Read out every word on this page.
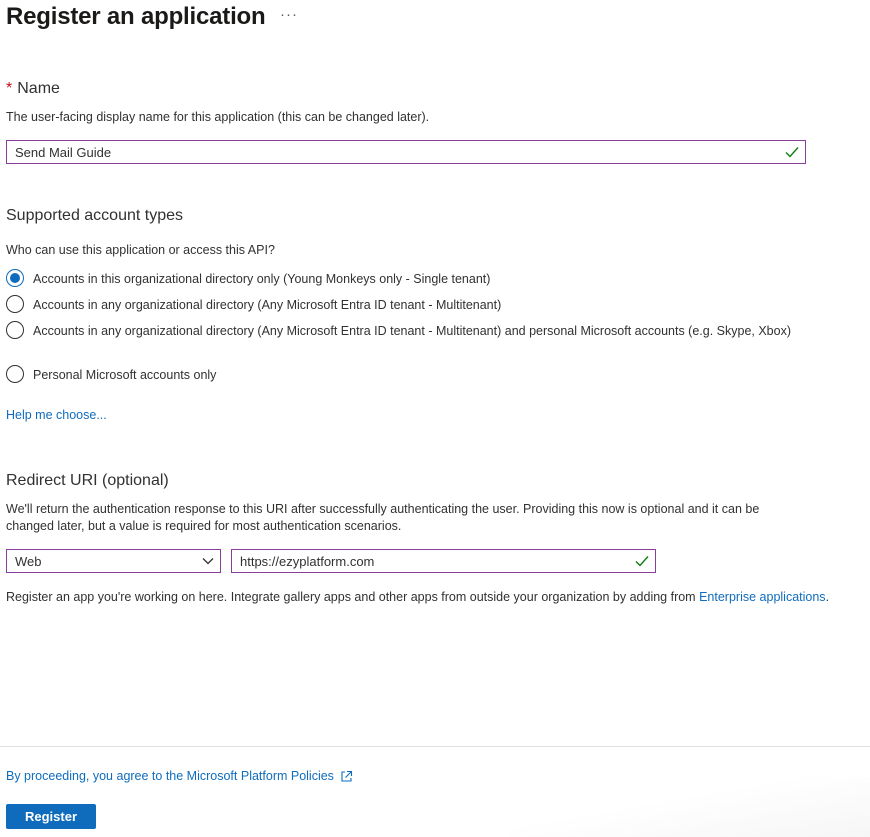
Register an application ···
* Name
The user-facing display name for this application (this can be changed later).
Send Mail Guide
Supported account types
Who can use this application or access this API?
Accounts in this organizational directory only (Young Monkeys only - Single tenant)
Accounts in any organizational directory (Any Microsoft Entra ID tenant - Multitenant)
Accounts in any organizational directory (Any Microsoft Entra ID tenant - Multitenant) and personal Microsoft accounts (e.g. Skype, Xbox)
Personal Microsoft accounts only
Help me choose...
Redirect URI (optional)
We'll return the authentication response to this URI after successfully authenticating the user. Providing this now is optional and it can be
changed later, but a value is required for most authentication scenarios.
Web	https://ezyplatform.com
Register an app you're working on here. Integrate gallery apps and other apps from outside your organization by adding from Enterprise applications.
By proceeding, you agree to the Microsoft Platform Policies
Register
